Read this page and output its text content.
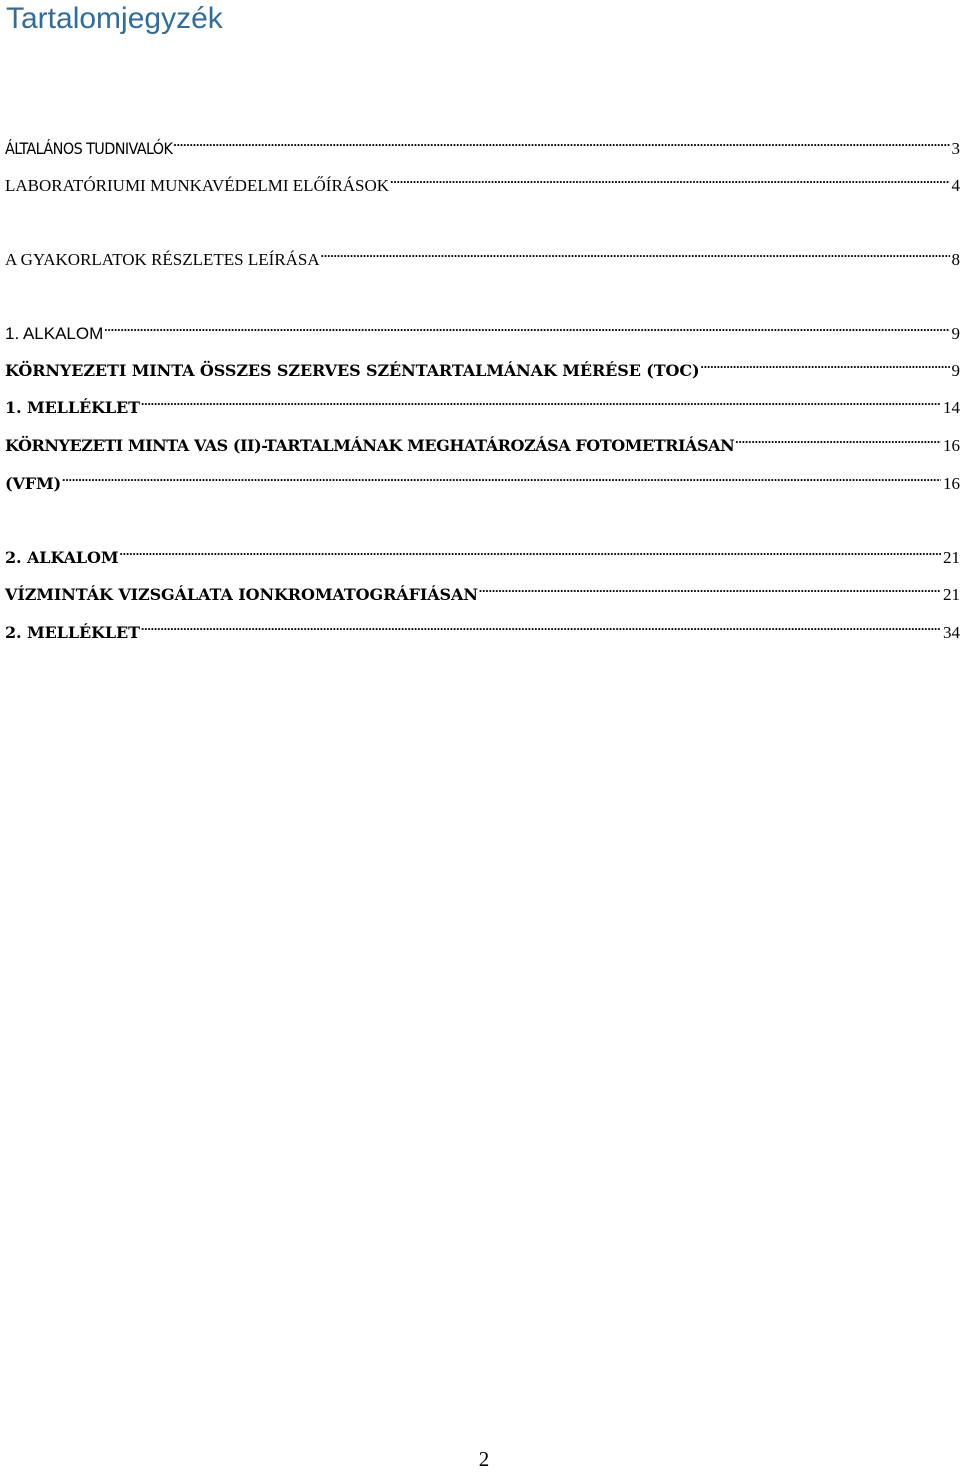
Tartalomjegyzék
ÁLTALÁNOS TUDNIVALÓK .....	3
LABORATÓRIUMI MUNKAVÉDELMI ELŐÍRÁSOK .....	4
A GYAKORLATOK RÉSZLETES LEÍRÁSA .....	8
1. ALKALOM .....	9
KÖRNYEZETI MINTA ÖSSZES SZERVES SZÉNTARTALMÁNAK MÉRÉSE (TOC) .....	9
1. MELLÉKLET .....	14
KÖRNYEZETI MINTA VAS (II)-TARTALMÁNAK MEGHATÁROZÁSA FOTOMETRIÁSAN .....	16
(VFM) .....	16
2. ALKALOM .....	21
VÍZMINTÁK VIZSGÁLATA IONKROMATOGRÁFIÁSAN .....	21
2. MELLÉKLET .....	34
2
